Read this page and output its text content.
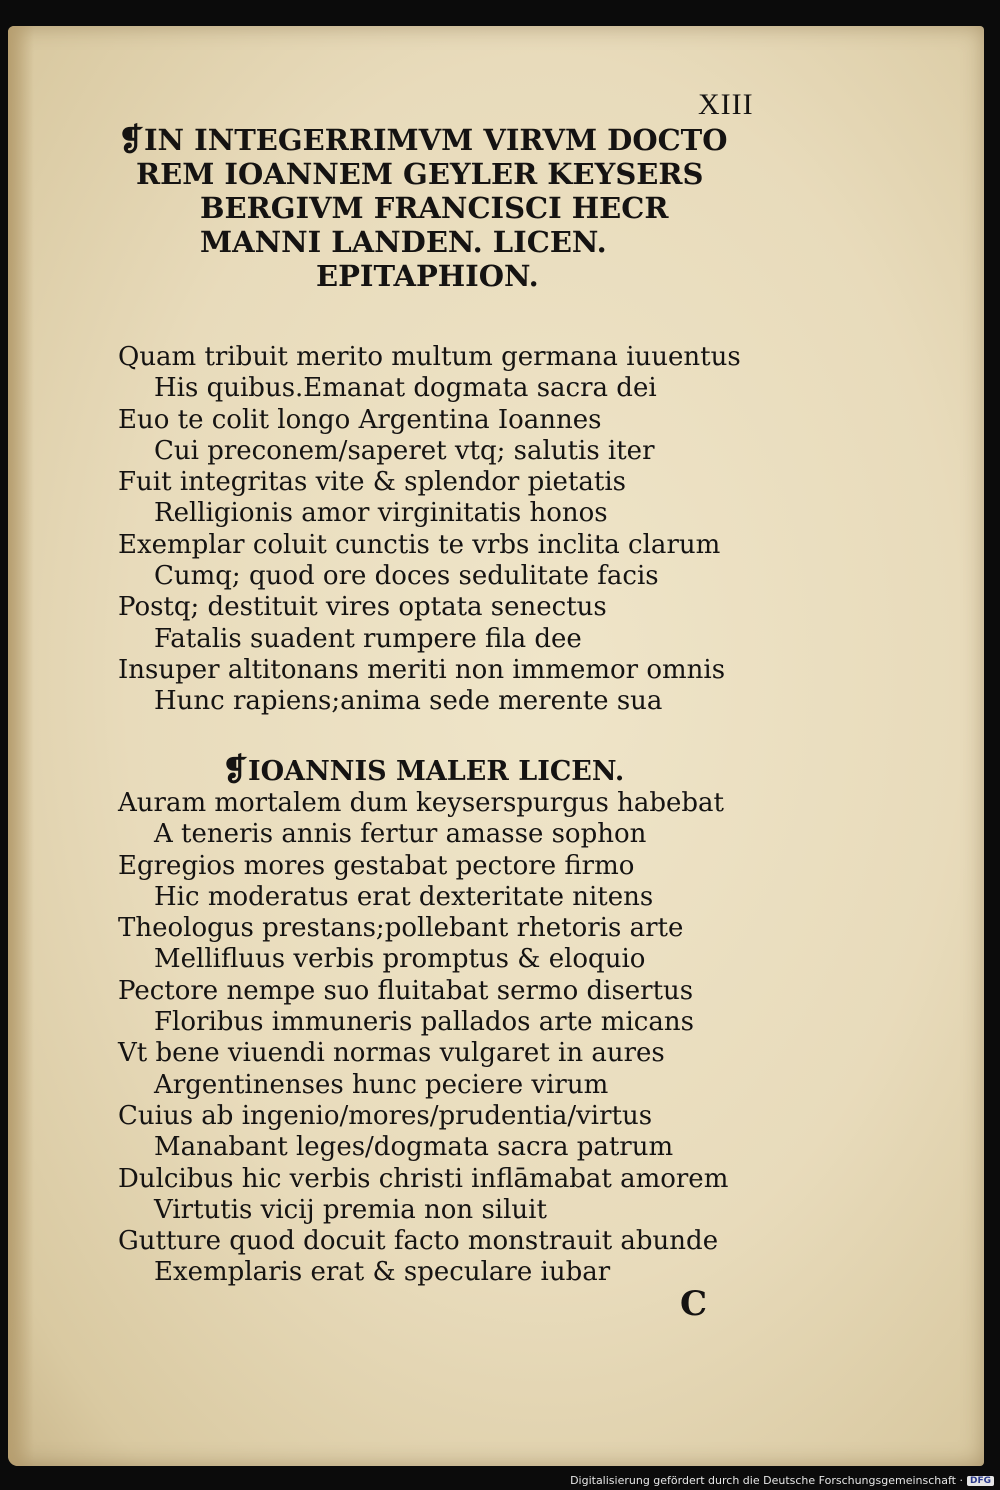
XIII

❡IN INTEGERRIMVM VIRVM DOCTO
REM IOANNEM GEYLER KEYSERS
BERGIVM FRANCISCI HECR
MANNI LANDEN. LICEN.
EPITAPHION.
Quam tribuit merito multum germana iuuentus
His quibus.Emanat dogmata sacra dei
Euo te colit longo Argentina Ioannes
Cui preconem/saperet vtq; salutis iter
Fuit integritas vite & splendor pietatis
Relligionis amor virginitatis honos
Exemplar coluit cunctis te vrbs inclita clarum
Cumq; quod ore doces sedulitate facis
Postq; destituit vires optata senectus
Fatalis suadent rumpere fila dee
Insuper altitonans meriti non immemor omnis
Hunc rapiens;anima sede merente sua
❡IOANNIS MALER LICEN.
Auram mortalem dum keyserspurgus habebat
A teneris annis fertur amasse sophon
Egregios mores gestabat pectore firmo
Hic moderatus erat dexteritate nitens
Theologus prestans;pollebant rhetoris arte
Mellifluus verbis promptus & eloquio
Pectore nempe suo fluitabat sermo disertus
Floribus immuneris pallados arte micans
Vt bene viuendi normas vulgaret in aures
Argentinenses hunc peciere virum
Cuius ab ingenio/mores/prudentia/virtus
Manabant leges/dogmata sacra patrum
Dulcibus hic verbis christi inflāmabat amorem
Virtutis vicij premia non siluit
Gutture quod docuit facto monstrauit abunde
Exemplaris erat & speculare iubar

C

Digitalisierung gefördert durch die Deutsche Forschungsgemeinschaft · DFG
